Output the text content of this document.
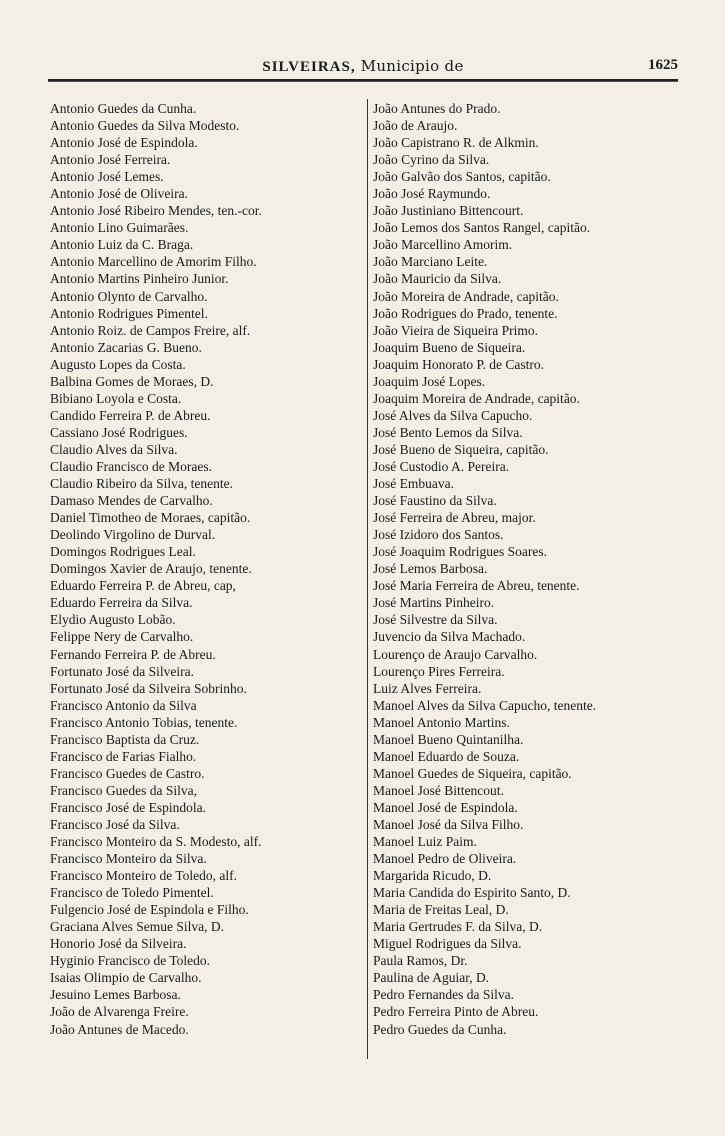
SILVEIRAS, Municipio de	1625
Antonio Guedes da Cunha.
Antonio Guedes da Silva Modesto.
Antonio José de Espindola.
Antonio José Ferreira.
Antonio José Lemes.
Antonio José de Oliveira.
Antonio José Ribeiro Mendes, ten.-cor.
Antonio Lino Guimarães.
Antonio Luiz da C. Braga.
Antonio Marcellino de Amorim Filho.
Antonio Martins Pinheiro Junior.
Antonio Olynto de Carvalho.
Antonio Rodrigues Pimentel.
Antonio Roiz. de Campos Freire, alf.
Antonio Zacarias G. Bueno.
Augusto Lopes da Costa.
Balbina Gomes de Moraes, D.
Bibiano Loyola e Costa.
Candido Ferreira P. de Abreu.
Cassiano José Rodrigues.
Claudio Alves da Silva.
Claudio Francisco de Moraes.
Claudio Ribeiro da Silva, tenente.
Damaso Mendes de Carvalho.
Daniel Timotheo de Moraes, capitão.
Deolindo Virgolino de Durval.
Domingos Rodrigues Leal.
Domingos Xavier de Araujo, tenente.
Eduardo Ferreira P. de Abreu, cap,
Eduardo Ferreira da Silva.
Elydio Augusto Lobão.
Felippe Nery de Carvalho.
Fernando Ferreira P. de Abreu.
Fortunato José da Silveira.
Fortunato José da Silveira Sobrinho.
Francisco Antonio da Silva
Francisco Antonio Tobias, tenente.
Francisco Baptista da Cruz.
Francisco de Farias Fialho.
Francisco Guedes de Castro.
Francisco Guedes da Silva,
Francisco José de Espindola.
Francisco José da Silva.
Francisco Monteiro da S. Modesto, alf.
Francisco Monteiro da Silva.
Francisco Monteiro de Toledo, alf.
Francisco de Toledo Pimentel.
Fulgencio José de Espindola e Filho.
Graciana Alves Semue Silva, D.
Honorio José da Silveira.
Hyginio Francisco de Toledo.
Isaias Olimpio de Carvalho.
Jesuino Lemes Barbosa.
João de Alvarenga Freire.
João Antunes de Macedo.
João Antunes do Prado.
João de Araujo.
João Capistrano R. de Alkmin.
João Cyrino da Silva.
João Galvão dos Santos, capitão.
João José Raymundo.
João Justiniano Bittencourt.
João Lemos dos Santos Rangel, capitão.
João Marcellino Amorim.
João Marciano Leite.
João Mauricio da Silva.
João Moreira de Andrade, capitão.
João Rodrigues do Prado, tenente.
João Vieira de Siqueira Primo.
Joaquim Bueno de Siqueira.
Joaquim Honorato P. de Castro.
Joaquim José Lopes.
Joaquim Moreira de Andrade, capitão.
José Alves da Silva Capucho.
José Bento Lemos da Silva.
José Bueno de Siqueira, capitão.
José Custodio A. Pereira.
José Embuava.
José Faustino da Silva.
José Ferreira de Abreu, major.
José Izidoro dos Santos.
José Joaquim Rodrigues Soares.
José Lemos Barbosa.
José Maria Ferreira de Abreu, tenente.
José Martins Pinheiro.
José Silvestre da Silva.
Juvencio da Silva Machado.
Lourenço de Araujo Carvalho.
Lourenço Pires Ferreira.
Luiz Alves Ferreira.
Manoel Alves da Silva Capucho, tenente.
Manoel Antonio Martins.
Manoel Bueno Quintanilha.
Manoel Eduardo de Souza.
Manoel Guedes de Siqueira, capitão.
Manoel José Bittencout.
Manoel José de Espindola.
Manoel José da Silva Filho.
Manoel Luiz Paim.
Manoel Pedro de Oliveira.
Margarida Ricudo, D.
Maria Candida do Espirito Santo, D.
Maria de Freitas Leal, D.
Maria Gertrudes F. da Silva, D.
Miguel Rodrigues da Silva.
Paula Ramos, Dr.
Paulina de Aguiar, D.
Pedro Fernandes da Silva.
Pedro Ferreira Pinto de Abreu.
Pedro Guedes da Cunha.
